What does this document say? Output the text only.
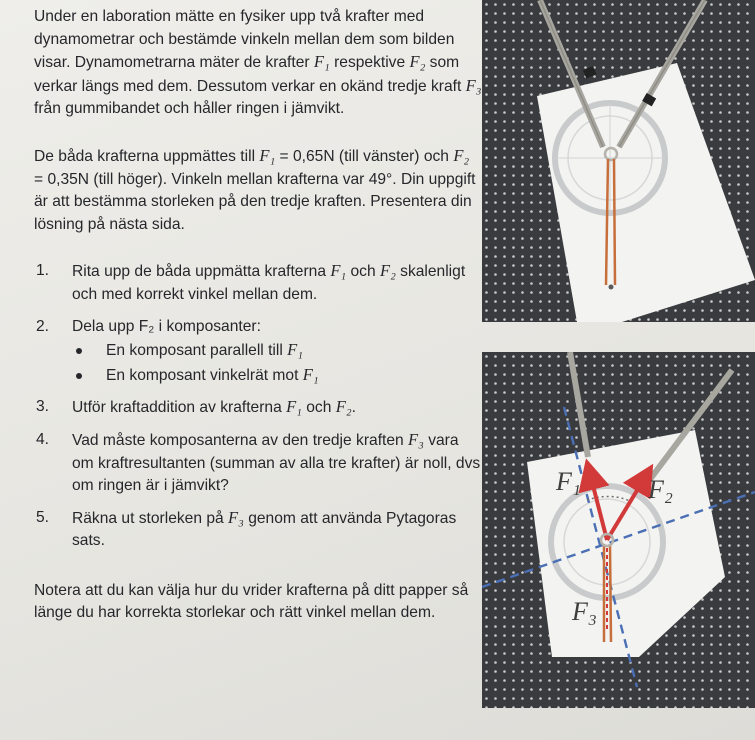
Under en laboration mätte en fysiker upp två krafter med dynamometrar och bestämde vinkeln mellan dem som bilden visar. Dynamometrarna mäter de krafter F₁ respektive F₂ som verkar längs med dem. Dessutom verkar en okänd tredje kraft F₃ från gummibandet och håller ringen i jämvikt.

De båda krafterna uppmättes till F₁ = 0,65N (till vänster) och F₂ = 0,35N (till höger). Vinkeln mellan krafterna var 49°. Din uppgift är att bestämma storleken på den tredje kraften. Presentera din lösning på nästa sida.

1. Rita upp de båda uppmätta krafterna F₁ och F₂ skalenligt och med korrekt vinkel mellan dem.
2. Dela upp F₂ i komposanter:
En komposant parallell till F₁
En komposant vinkelrät mot F₁
3. Utför kraftaddition av krafterna F₁ och F₂.
4. Vad måste komposanterna av den tredje kraften F₃ vara om kraftresultanten (summan av alla tre krafter) är noll, dvs om ringen är i jämvikt?
5. Räkna ut storleken på F₃ genom att använda Pytagoras sats.

Notera att du kan välja hur du vrider krafterna på ditt papper så länge du har korrekta storlekar och rätt vinkel mellan dem.

F₁	F₂
F₃
